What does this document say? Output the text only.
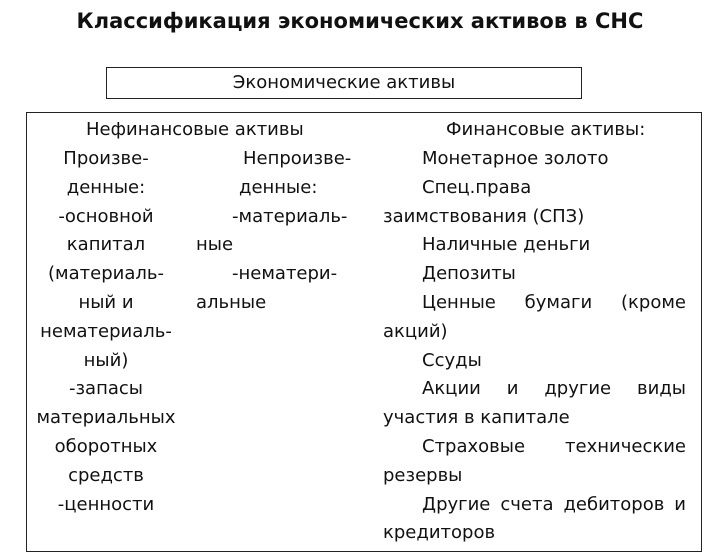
Классификация экономических активов в СНС
Экономические активы
Нефинансовые активы
Произве-
денные:
-основной
капитал
(материаль-
ный и
нематериаль-
ный)
-запасы
материальных
оборотных
средств
-ценности
Непроизве-
денные:
-материаль-
ные
-нематери-
альные
Финансовые активы:
Монетарное золото
Спец.права
заимствования (СПЗ)
Наличные деньги
Депозиты
Ценные бумаги (кроме
акций)
Ссуды
Акции и другие виды
участия в капитале
Страховые технические
резервы
Другие счета дебиторов и
кредиторов
